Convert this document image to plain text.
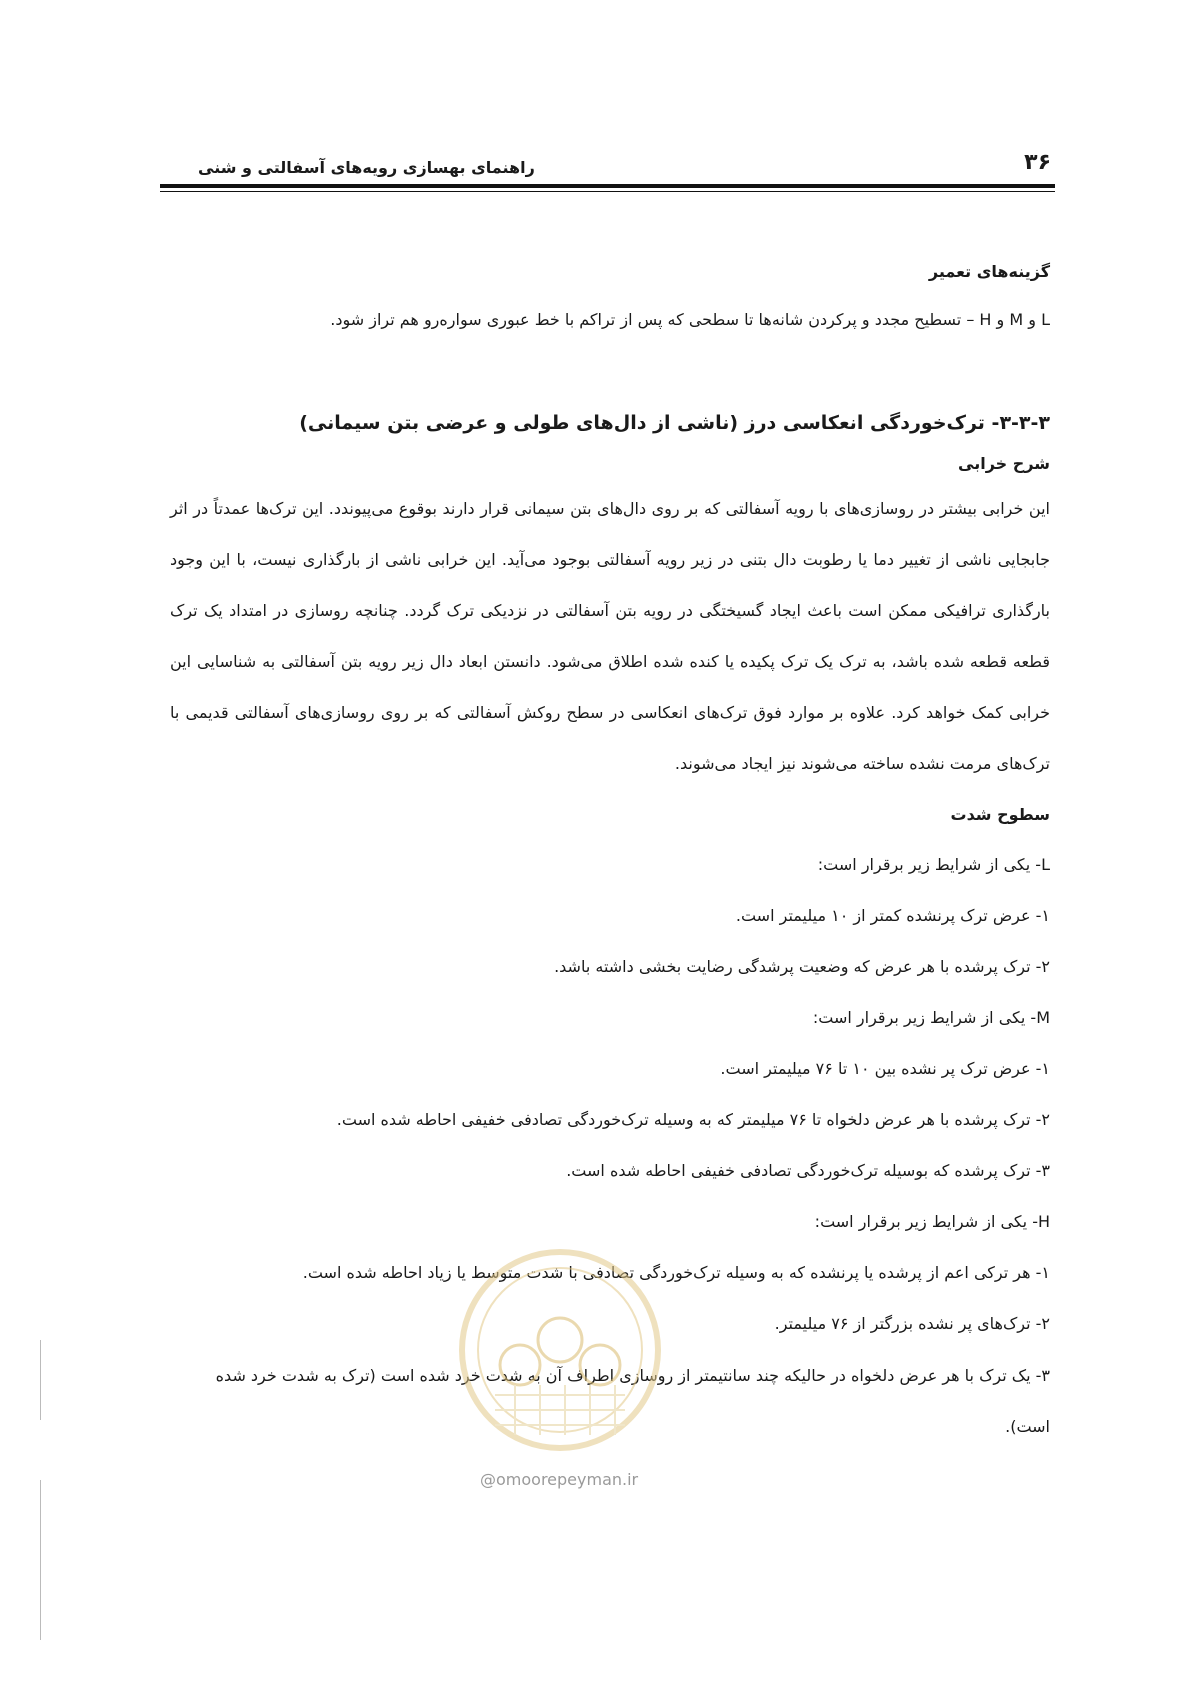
۳۶
راهنمای بهسازی رویه‌های آسفالتی و شنی

گزینه‌های تعمیر

L و M و H – تسطیح مجدد و پرکردن شانه‌ها تا سطحی که پس از تراکم با خط عبوری سواره‌رو هم تراز شود.

۳-۳-۳- ترک‌خوردگی انعکاسی درز (ناشی از دال‌های طولی و عرضی بتن سیمانی)

شرح خرابی

این خرابی بیشتر در روسازی‌های با رویه آسفالتی که بر روی دال‌های بتن سیمانی قرار دارند بوقوع می‌پیوندد. این ترک‌ها عمدتاً در اثر جابجایی ناشی از تغییر دما یا رطوبت دال بتنی در زیر رویه آسفالتی بوجود می‌آید. این خرابی ناشی از بارگذاری نیست، با این وجود بارگذاری ترافیکی ممکن است باعث ایجاد گسیختگی در رویه بتن آسفالتی در نزدیکی ترک گردد. چنانچه روسازی در امتداد یک ترک قطعه قطعه شده باشد، به ترک یک ترک پکیده یا کنده شده اطلاق می‌شود. دانستن ابعاد دال زیر رویه بتن آسفالتی به شناسایی این خرابی کمک خواهد کرد. علاوه بر موارد فوق ترک‌های انعکاسی در سطح روکش آسفالتی که بر روی روسازی‌های آسفالتی قدیمی با ترک‌های مرمت نشده ساخته می‌شوند نیز ایجاد می‌شوند.

سطوح شدت

L- یکی از شرایط زیر برقرار است:

۱- عرض ترک پرنشده کمتر از ۱۰ میلیمتر است.

۲- ترک پرشده با هر عرض که وضعیت پرشدگی رضایت بخشی داشته باشد.

M- یکی از شرایط زیر برقرار است:

۱- عرض ترک پر نشده بین ۱۰ تا ۷۶ میلیمتر است.

۲- ترک پرشده با هر عرض دلخواه تا ۷۶ میلیمتر که به وسیله ترک‌خوردگی تصادفی خفیفی احاطه شده است.

۳- ترک پرشده که بوسیله ترک‌خوردگی تصادفی خفیفی احاطه شده است.

H- یکی از شرایط زیر برقرار است:

۱- هر ترکی اعم از پرشده یا پرنشده که به وسیله ترک‌خوردگی تصادفی با شدت متوسط یا زیاد احاطه شده است.

۲- ترک‌های پر نشده بزرگتر از ۷۶ میلیمتر.

۳- یک ترک با هر عرض دلخواه در حالیکه چند سانتیمتر از روسازی اطراف آن به شدت خرد شده است (ترک به شدت خرد شده است).

@omoorepeyman.ir
